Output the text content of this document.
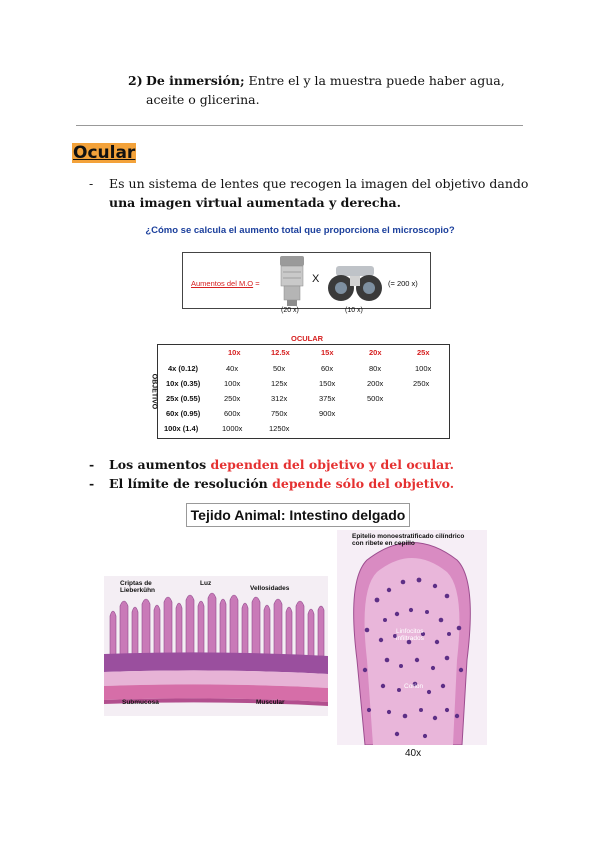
2) De inmersión; Entre el y la muestra puede haber agua, aceite o glicerina.
Ocular
-	Es un sistema de lentes que recogen la imagen del objetivo dando una imagen virtual aumentada y derecha.
¿Cómo se calcula el aumento total que proporciona el microscopio?
Aumentos del M.O =	X	(= 200 x)
(20 x)	(10 x)
OCULAR
OBJETIVO
10x	12.5x	15x	20x	25x
4x (0.12)	40x	50x	60x	80x	100x
10x (0.35)	100x	125x	150x	200x	250x
25x (0.55)	250x	312x	375x	500x
60x (0.95)	600x	750x	900x
100x (1.4)	1000x	1250x
-	Los aumentos dependen del objetivo y del ocular.
-	El límite de resolución depende sólo del objetivo.
Tejido Animal: Intestino delgado
Criptas de Lieberkühn
Luz
Vellosidades
Submucosa	Muscular
Epitelio monoestratificado cilíndrico con ribete en cepillo
Linfocitos infiltrados
Corion
40x
